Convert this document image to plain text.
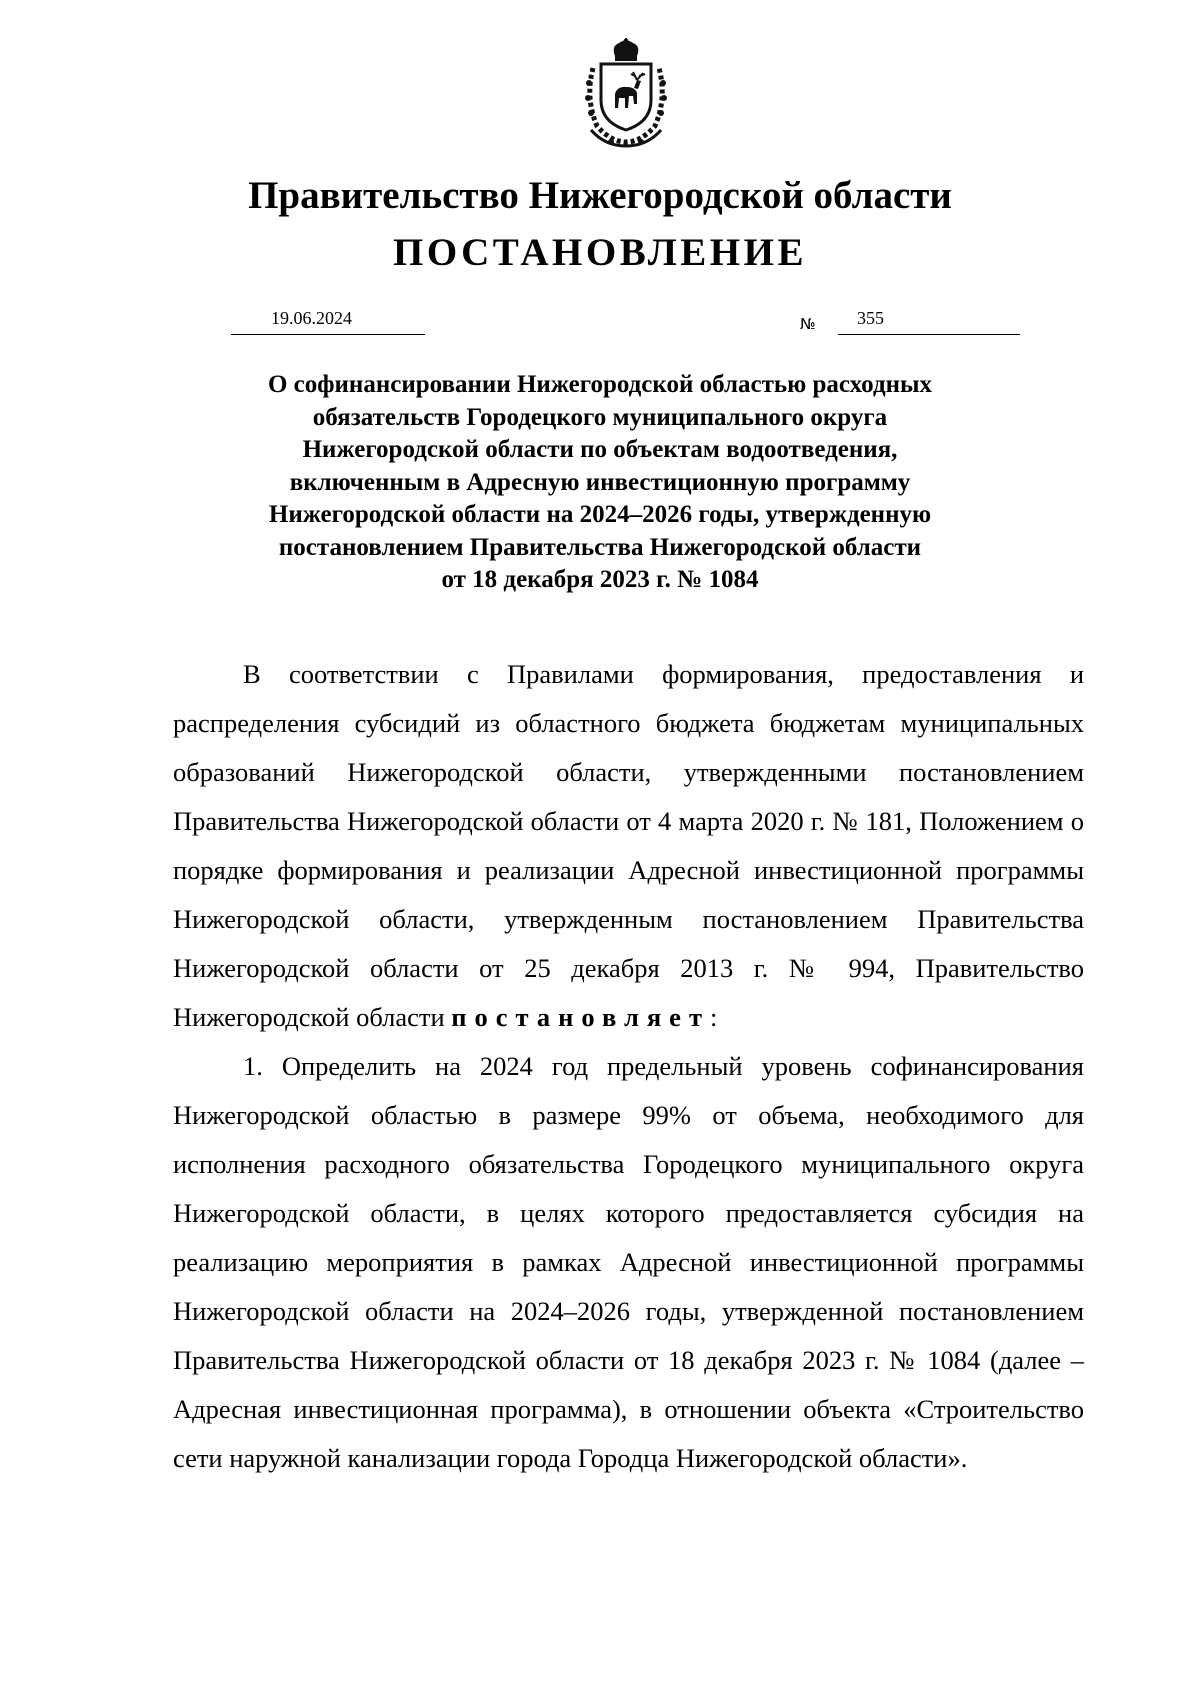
Правительство Нижегородской области
ПОСТАНОВЛЕНИЕ
19.06.2024	№ 355
О софинансировании Нижегородской областью расходных
обязательств Городецкого муниципального округа
Нижегородской области по объектам водоотведения,
включенным в Адресную инвестиционную программу
Нижегородской области на 2024–2026 годы, утвержденную
постановлением Правительства Нижегородской области
от 18 декабря 2023 г. № 1084

В соответствии с Правилами формирования, предоставления и распределения субсидий из областного бюджета бюджетам муниципальных образований Нижегородской области, утвержденными постановлением Правительства Нижегородской области от 4 марта 2020 г. № 181, Положением о порядке формирования и реализации Адресной инвестиционной программы Нижегородской области, утвержденным постановлением Правительства Нижегородской области от 25 декабря 2013 г. № 994, Правительство Нижегородской области постановляет:

1. Определить на 2024 год предельный уровень софинансирования Нижегородской областью в размере 99% от объема, необходимого для исполнения расходного обязательства Городецкого муниципального округа Нижегородской области, в целях которого предоставляется субсидия на реализацию мероприятия в рамках Адресной инвестиционной программы Нижегородской области на 2024–2026 годы, утвержденной постановлением Правительства Нижегородской области от 18 декабря 2023 г. № 1084 (далее – Адресная инвестиционная программа), в отношении объекта «Строительство сети наружной канализации города Городца Нижегородской области».
